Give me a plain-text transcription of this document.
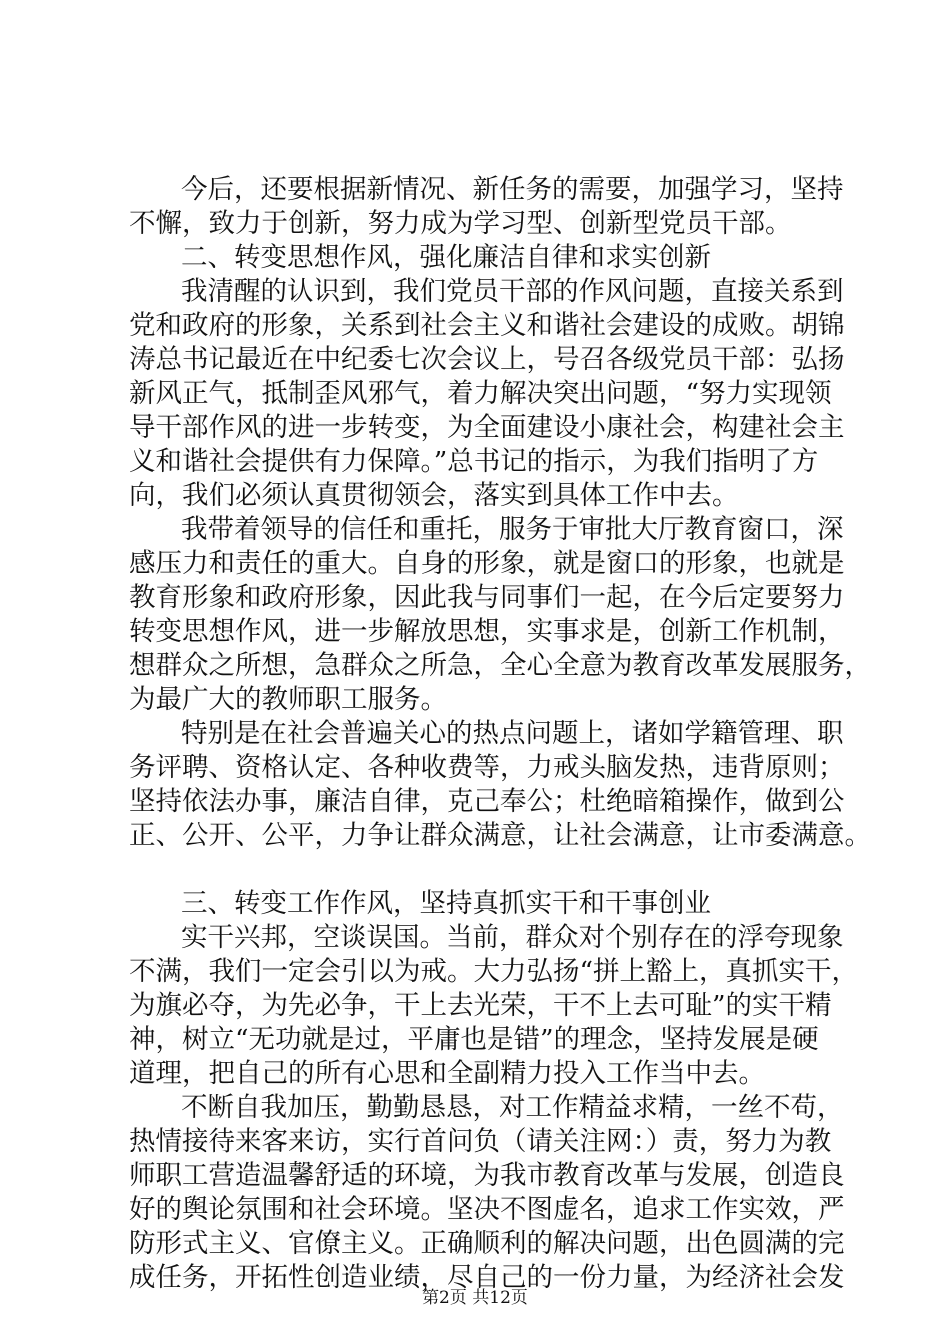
今后，还要根据新情况、新任务的需要，加强学习，坚持
不懈，致力于创新，努力成为学习型、创新型党员干部。
二、转变思想作风，强化廉洁自律和求实创新
我清醒的认识到，我们党员干部的作风问题，直接关系到
党和政府的形象，关系到社会主义和谐社会建设的成败。胡锦
涛总书记最近在中纪委七次会议上，号召各级党员干部：弘扬
新风正气，抵制歪风邪气，着力解决突出问题，“努力实现领
导干部作风的进一步转变，为全面建设小康社会，构建社会主
义和谐社会提供有力保障。”总书记的指示，为我们指明了方
向，我们必须认真贯彻领会，落实到具体工作中去。
我带着领导的信任和重托，服务于审批大厅教育窗口，深
感压力和责任的重大。自身的形象，就是窗口的形象，也就是
教育形象和政府形象，因此我与同事们一起，在今后定要努力
转变思想作风，进一步解放思想，实事求是，创新工作机制，
想群众之所想，急群众之所急，全心全意为教育改革发展服务，
为最广大的教师职工服务。
特别是在社会普遍关心的热点问题上，诸如学籍管理、职
务评聘、资格认定、各种收费等，力戒头脑发热，违背原则；
坚持依法办事，廉洁自律，克己奉公；杜绝暗箱操作，做到公
正、公开、公平，力争让群众满意，让社会满意，让市委满意。
三、转变工作作风，坚持真抓实干和干事创业
实干兴邦，空谈误国。当前，群众对个别存在的浮夸现象
不满，我们一定会引以为戒。大力弘扬“拼上豁上，真抓实干，
为旗必夺，为先必争，干上去光荣，干不上去可耻”的实干精
神，树立“无功就是过，平庸也是错”的理念，坚持发展是硬
道理，把自己的所有心思和全副精力投入工作当中去。
不断自我加压，勤勤恳恳，对工作精益求精，一丝不苟，
热情接待来客来访，实行首问负（请关注网：）责，努力为教
师职工营造温馨舒适的环境，为我市教育改革与发展，创造良
好的舆论氛围和社会环境。坚决不图虚名，追求工作实效，严
防形式主义、官僚主义。正确顺利的解决问题，出色圆满的完
成任务，开拓性创造业绩，尽自己的一份力量，为经济社会发
第2页 共12页
